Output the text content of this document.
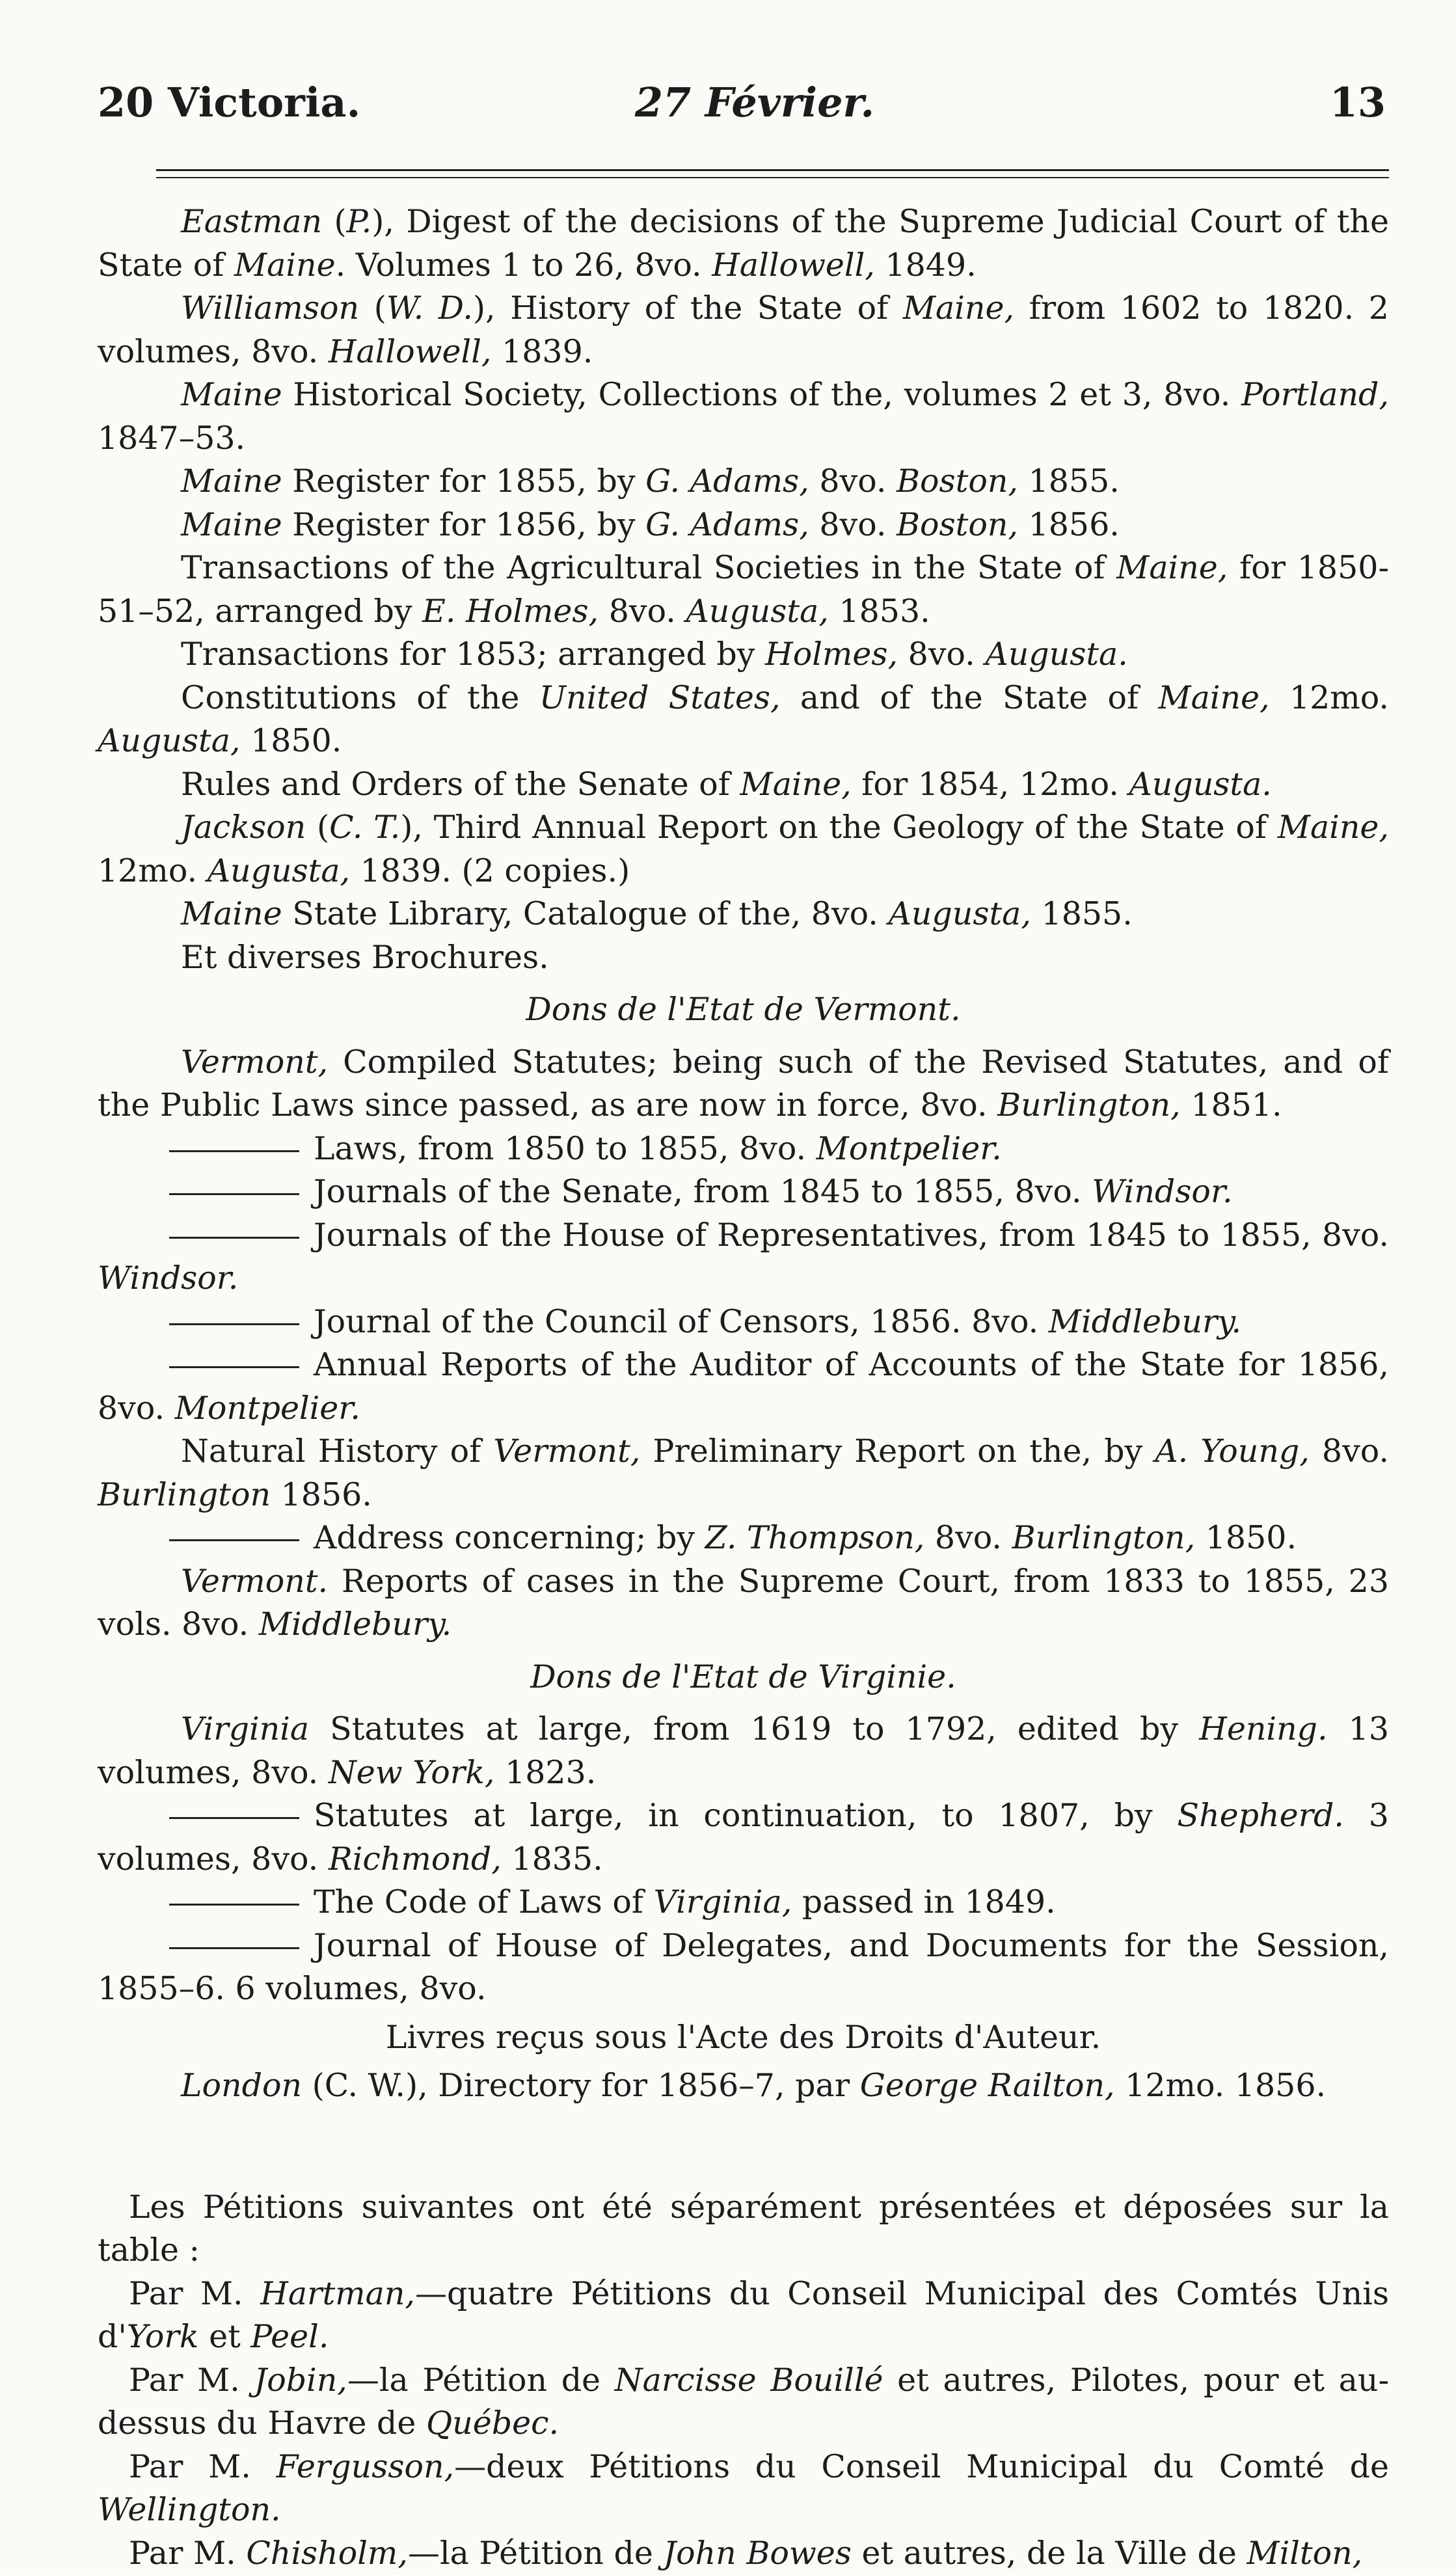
20 Victoria.	27 Février.	13

Eastman (P.), Digest of the decisions of the Supreme Judicial Court of the State of Maine. Volumes 1 to 26, 8vo. Hallowell, 1849.

Williamson (W. D.), History of the State of Maine, from 1602 to 1820. 2 volumes, 8vo. Hallowell, 1839.

Maine Historical Society, Collections of the, volumes 2 et 3, 8vo. Portland, 1847–53.

Maine Register for 1855, by G. Adams, 8vo. Boston, 1855.

Maine Register for 1856, by G. Adams, 8vo. Boston, 1856.

Transactions of the Agricultural Societies in the State of Maine, for 1850-51–52, arranged by E. Holmes, 8vo. Augusta, 1853.

Transactions for 1853; arranged by Holmes, 8vo. Augusta.

Constitutions of the United States, and of the State of Maine, 12mo. Augusta, 1850.

Rules and Orders of the Senate of Maine, for 1854, 12mo. Augusta.

Jackson (C. T.), Third Annual Report on the Geology of the State of Maine, 12mo. Augusta, 1839. (2 copies.)

Maine State Library, Catalogue of the, 8vo. Augusta, 1855.

Et diverses Brochures.

Dons de l'Etat de Vermont.

Vermont, Compiled Statutes; being such of the Revised Statutes, and of the Public Laws since passed, as are now in force, 8vo. Burlington, 1851.

Laws, from 1850 to 1855, 8vo. Montpelier.

Journals of the Senate, from 1845 to 1855, 8vo. Windsor.

Journals of the House of Representatives, from 1845 to 1855, 8vo. Windsor.

Journal of the Council of Censors, 1856. 8vo. Middlebury.

Annual Reports of the Auditor of Accounts of the State for 1856, 8vo. Montpelier.

Natural History of Vermont, Preliminary Report on the, by A. Young, 8vo. Burlington 1856.

Address concerning; by Z. Thompson, 8vo. Burlington, 1850.

Vermont. Reports of cases in the Supreme Court, from 1833 to 1855, 23 vols. 8vo. Middlebury.

Dons de l'Etat de Virginie.

Virginia Statutes at large, from 1619 to 1792, edited by Hening. 13 volumes, 8vo. New York, 1823.

Statutes at large, in continuation, to 1807, by Shepherd. 3 volumes, 8vo. Richmond, 1835.

The Code of Laws of Virginia, passed in 1849.

Journal of House of Delegates, and Documents for the Session, 1855–6. 6 volumes, 8vo.

Livres reçus sous l'Acte des Droits d'Auteur.

London (C. W.), Directory for 1856–7, par George Railton, 12mo. 1856.

Les Pétitions suivantes ont été séparément présentées et déposées sur la table :

Par M. Hartman,—quatre Pétitions du Conseil Municipal des Comtés Unis d'York et Peel.

Par M. Jobin,—la Pétition de Narcisse Bouillé et autres, Pilotes, pour et au-dessus du Havre de Québec.

Par M. Fergusson,—deux Pétitions du Conseil Municipal du Comté de Wellington.

Par M. Chisholm,—la Pétition de John Bowes et autres, de la Ville de Milton,
